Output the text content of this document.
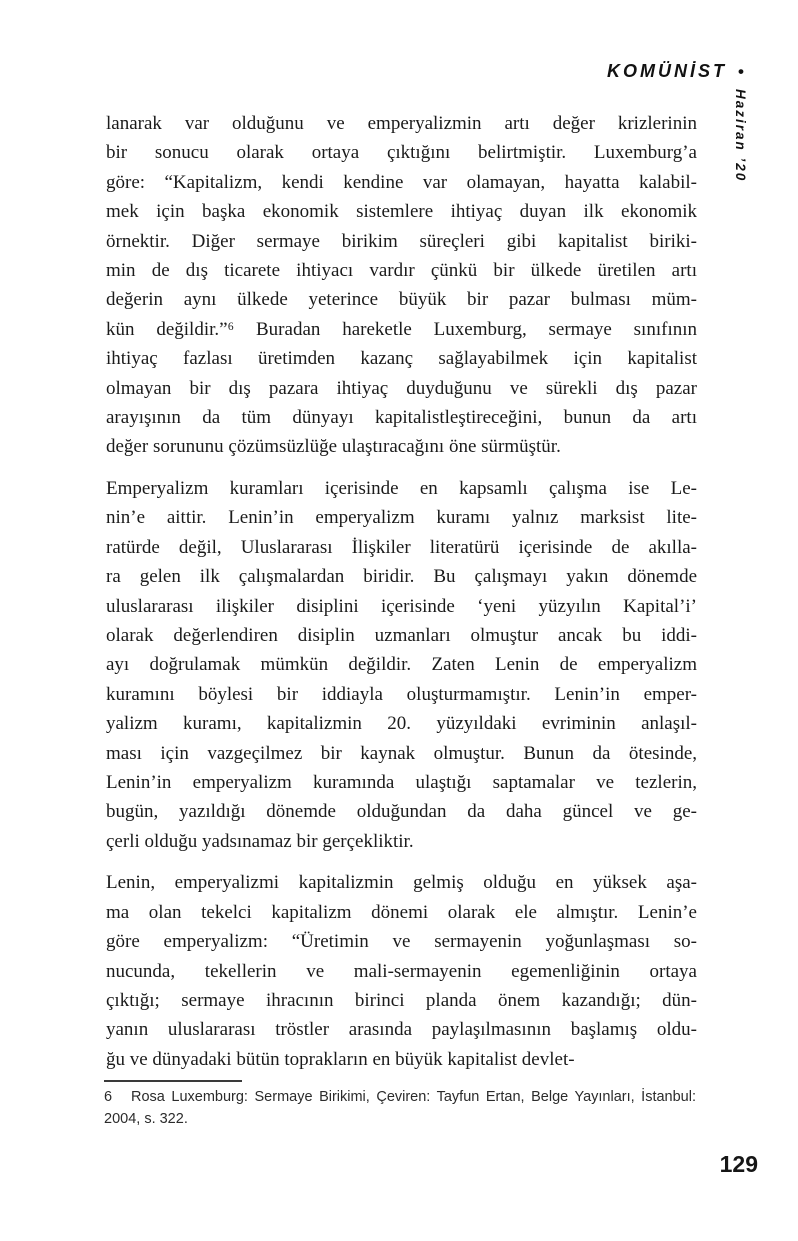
KOMÜNİST •
Haziran ’20
lanarak var olduğunu ve emperyalizmin artı değer krizlerinin
bir sonucu olarak ortaya çıktığını belirtmiştir. Luxemburg’a
göre: “Kapitalizm, kendi kendine var olamayan, hayatta kalabil-
mek için başka ekonomik sistemlere ihtiyaç duyan ilk ekonomik
örnektir. Diğer sermaye birikim süreçleri gibi kapitalist biriki-
min de dış ticarete ihtiyacı vardır çünkü bir ülkede üretilen artı
değerin aynı ülkede yeterince büyük bir pazar bulması müm-
kün değildir.”⁶ Buradan hareketle Luxemburg, sermaye sınıfının
ihtiyaç fazlası üretimden kazanç sağlayabilmek için kapitalist
olmayan bir dış pazara ihtiyaç duyduğunu ve sürekli dış pazar
arayışının da tüm dünyayı kapitalistleştireceğini, bunun da artı
değer sorununu çözümsüzlüğe ulaştıracağını öne sürmüştür.
Emperyalizm kuramları içerisinde en kapsamlı çalışma ise Le-
nin’e aittir. Lenin’in emperyalizm kuramı yalnız marksist lite-
ratürde değil, Uluslararası İlişkiler literatürü içerisinde de akılla-
ra gelen ilk çalışmalardan biridir. Bu çalışmayı yakın dönemde
uluslararası ilişkiler disiplini içerisinde ‘yeni yüzyılın Kapital’i’
olarak değerlendiren disiplin uzmanları olmuştur ancak bu iddi-
ayı doğrulamak mümkün değildir. Zaten Lenin de emperyalizm
kuramını böylesi bir iddiayla oluşturmamıştır. Lenin’in emper-
yalizm kuramı, kapitalizmin 20. yüzyıldaki evriminin anlaşıl-
ması için vazgeçilmez bir kaynak olmuştur. Bunun da ötesinde,
Lenin’in emperyalizm kuramında ulaştığı saptamalar ve tezlerin,
bugün, yazıldığı dönemde olduğundan da daha güncel ve ge-
çerli olduğu yadsınamaz bir gerçekliktir.
Lenin, emperyalizmi kapitalizmin gelmiş olduğu en yüksek aşa-
ma olan tekelci kapitalizm dönemi olarak ele almıştır. Lenin’e
göre emperyalizm: “Üretimin ve sermayenin yoğunlaşması so-
nucunda, tekellerin ve mali-sermayenin egemenliğinin ortaya
çıktığı; sermaye ihracının birinci planda önem kazandığı; dün-
yanın uluslararası tröstler arasında paylaşılmasının başlamış oldu-
ğu ve dünyadaki bütün toprakların en büyük kapitalist devlet-
6 Rosa Luxemburg: Sermaye Birikimi, Çeviren: Tayfun Ertan, Belge Yayınları, İstanbul:
2004, s. 322.
129
